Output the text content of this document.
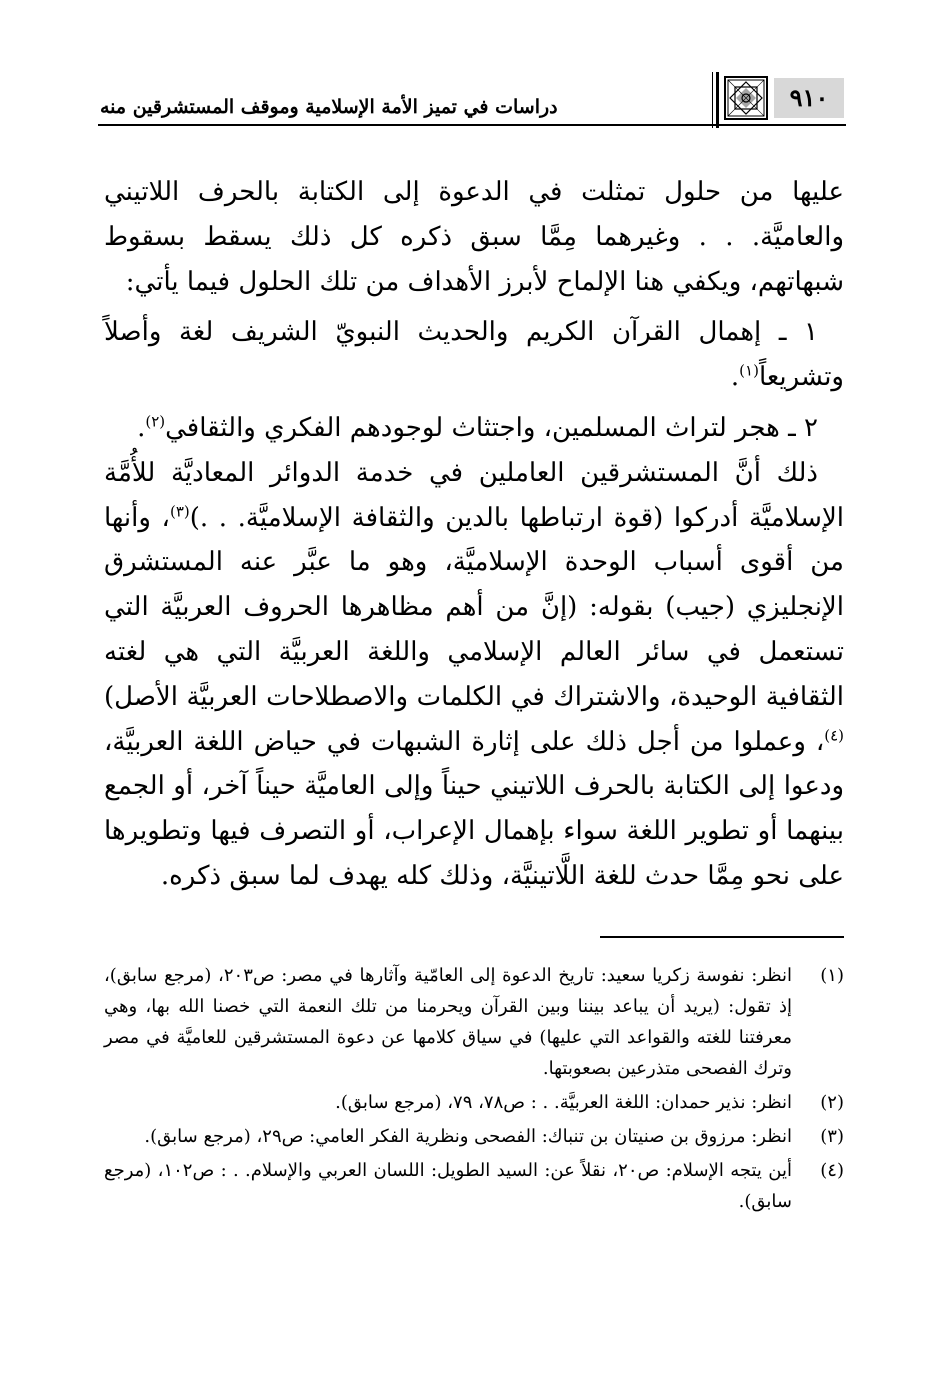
دراسات في تميز الأمة الإسلامية وموقف المستشرقين منه	٩١٠

عليها من حلول تمثلت في الدعوة إلى الكتابة بالحرف اللاتيني والعاميَّة. . . وغيرهما مِمَّا سبق ذكره كل ذلك يسقط بسقوط شبهاتهم، ويكفي هنا الإلماح لأبرز الأهداف من تلك الحلول فيما يأتي:

١ ـ إهمال القرآن الكريم والحديث النبويّ الشريف لغة وأصلاً وتشريعاً$^{(١)}$.

٢ ـ هجر لتراث المسلمين، واجتثاث لوجودهم الفكري والثقافي$^{(٢)}$.

ذلك أنَّ المستشرقين العاملين في خدمة الدوائر المعاديَّة للأُمَّة الإسلاميَّة أدركوا (قوة ارتباطها بالدين والثقافة الإسلاميَّة. . .)$^{(٣)}$، وأنها من أقوى أسباب الوحدة الإسلاميَّة، وهو ما عبَّر عنه المستشرق الإنجليزي (جيب) بقوله: (إنَّ من أهم مظاهرها الحروف العربيَّة التي تستعمل في سائر العالم الإسلامي واللغة العربيَّة التي هي لغته الثقافية الوحيدة، والاشتراك في الكلمات والاصطلاحات العربيَّة الأصل)$^{(٤)}$، وعملوا من أجل ذلك على إثارة الشبهات في حياض اللغة العربيَّة، ودعوا إلى الكتابة بالحرف اللاتيني حيناً وإلى العاميَّة حيناً آخر، أو الجمع بينهما أو تطوير اللغة سواء بإهمال الإعراب، أو التصرف فيها وتطويرها على نحو مِمَّا حدث للغة اللَّاتينيَّة، وذلك كله يهدف لما سبق ذكره.

(١)
انظر: نفوسة زكريا سعيد: تاريخ الدعوة إلى العامّية وآثارها في مصر: ص٢٠٣، (مرجع سابق)، إذ تقول: (يريد أن يباعد بيننا وبين القرآن ويحرمنا من تلك النعمة التي خصنا الله بها، وهي معرفتنا للغته والقواعد التي عليها) في سياق كلامها عن دعوة المستشرقين للعاميَّة في مصر وترك الفصحى متذرعين بصعوبتها.
(٢)
انظر: نذير حمدان: اللغة العربيَّة. . : ص٧٨، ٧٩، (مرجع سابق).
(٣)
انظر: مرزوق بن صنيتان بن تنباك: الفصحى ونظرية الفكر العامي: ص٢٩، (مرجع سابق).
(٤)
أين يتجه الإسلام: ص٢٠، نقلاً عن: السيد الطويل: اللسان العربي والإسلام. . : ص١٠٢، (مرجع سابق).
